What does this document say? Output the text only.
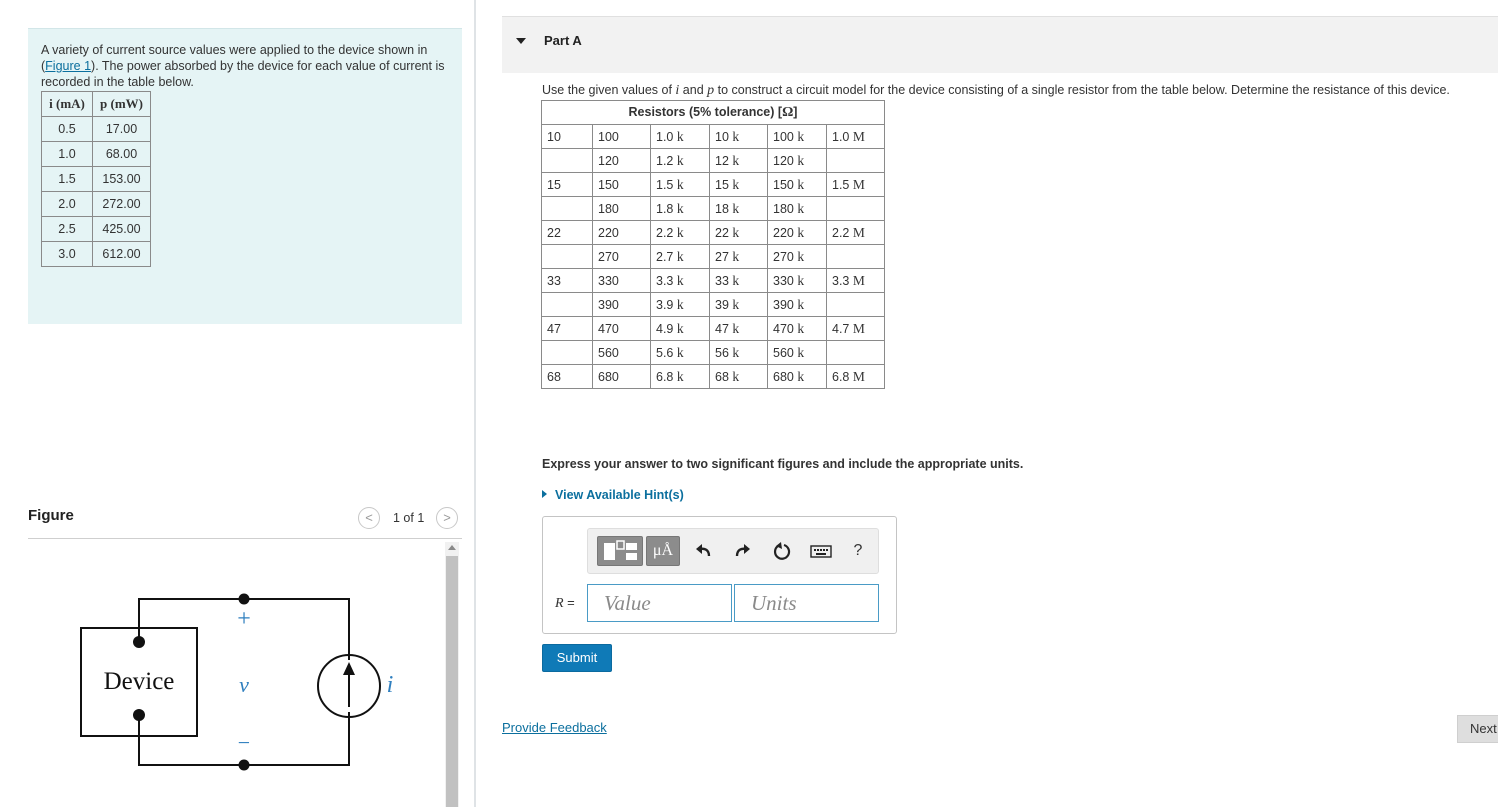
A variety of current source values were applied to the device shown in (Figure 1). The power absorbed by the device for each value of current is recorded in the table below.
i (mA)	p (mW)
0.5	17.00
1.0	68.00
1.5	153.00
2.0	272.00
2.5	425.00
3.0	612.00
Figure	<	1 of 1	>
Device
+
v
−
i
Part A
Use the given values of i and p to construct a circuit model for the device consisting of a single resistor from the table below. Determine the resistance of this device.
Resistors (5% tolerance) [Ω]					
10	100	1.0 k	10 k	100 k	1.0 M
	120	1.2 k	12 k	120 k	
15	150	1.5 k	15 k	150 k	1.5 M
	180	1.8 k	18 k	180 k	
22	220	2.2 k	22 k	220 k	2.2 M
	270	2.7 k	27 k	270 k	
33	330	3.3 k	33 k	330 k	3.3 M
	390	3.9 k	39 k	390 k	
47	470	4.9 k	47 k	470 k	4.7 M
	560	5.6 k	56 k	560 k	
68	680	6.8 k	68 k	680 k	6.8 M
Express your answer to two significant figures and include the appropriate units.
View Available Hint(s)
μÅ	?
R =
Value
Units
Submit
Provide Feedback	Next
